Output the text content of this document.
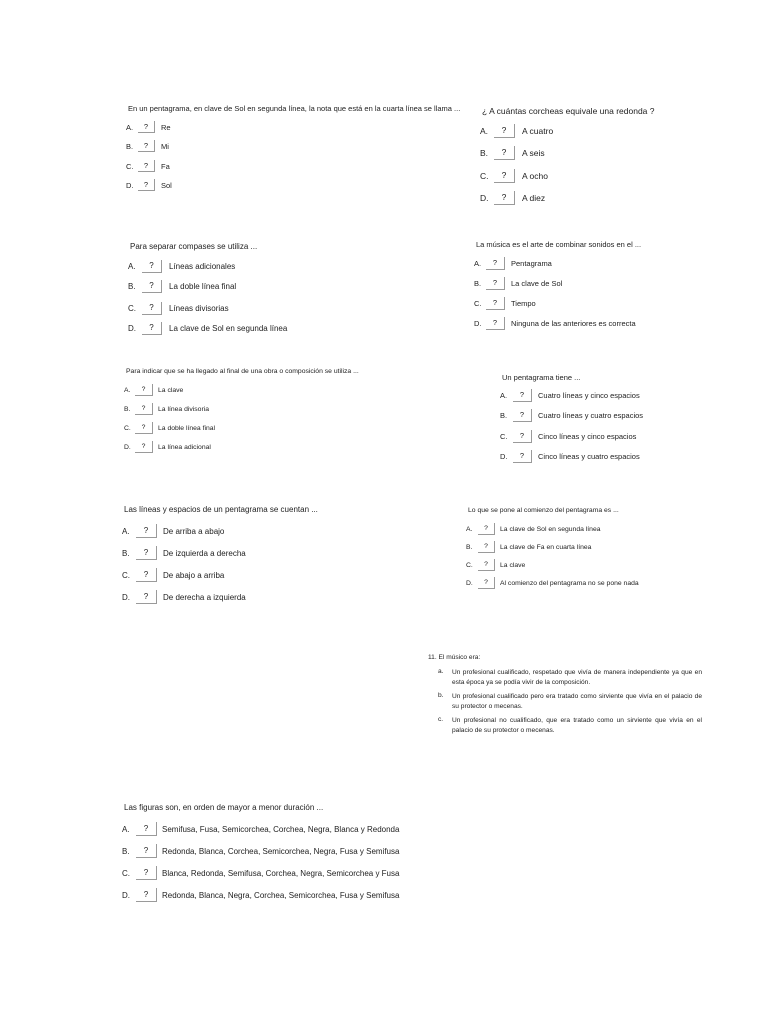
En un pentagrama, en clave de Sol en segunda línea, la nota que está en la cuarta línea se llama ...
A.	?	Re
B.	?	Mi
C.	?	Fa
D.	?	Sol
¿ A cuántas corcheas equivale una redonda ?
A.	?	A cuatro
B.	?	A seis
C.	?	A ocho
D.	?	A diez
Para separar compases se utiliza ...
A.	?	Líneas adicionales
B.	?	La doble línea final
C.	?	Líneas divisorias
D.	?	La clave de Sol en segunda línea
La música es el arte de combinar sonidos en el ...
A.	?	Pentagrama
B.	?	La clave de Sol
C.	?	Tiempo
D.	?	Ninguna de las anteriores es correcta
Para indicar que se ha llegado al final de una obra o composición se utiliza ...
A.	?	La clave
B.	?	La línea divisoria
C.	?	La doble línea final
D.	?	La línea adicional
Un pentagrama tiene ...
A.	?	Cuatro líneas y cinco espacios
B.	?	Cuatro líneas y cuatro espacios
C.	?	Cinco líneas y cinco espacios
D.	?	Cinco líneas y cuatro espacios
Las líneas y espacios de un pentagrama se cuentan ...
A.	?	De arriba a abajo
B.	?	De izquierda a derecha
C.	?	De abajo a arriba
D.	?	De derecha a izquierda
Lo que se pone al comienzo del pentagrama es ...
A.	?	La clave de Sol en segunda línea
B.	?	La clave de Fa en cuarta línea
C.	?	La clave
D.	?	Al comienzo del pentagrama no se pone nada
11. El músico era:
a.	Un profesional cualificado, respetado que vivía de manera independiente ya que en esta época ya se podía vivir de la composición.
b.	Un profesional cualificado pero era tratado como sirviente que vivía en el palacio de su protector o mecenas.
c.	Un profesional no cualificado, que era tratado como un sirviente que vivía en el palacio de su protector o mecenas.
Las figuras son, en orden de mayor a menor duración ...
A.	?	Semifusa, Fusa, Semicorchea, Corchea, Negra, Blanca y Redonda
B.	?	Redonda, Blanca, Corchea, Semicorchea, Negra, Fusa y Semifusa
C.	?	Blanca, Redonda, Semifusa, Corchea, Negra, Semicorchea y Fusa
D.	?	Redonda, Blanca, Negra, Corchea, Semicorchea, Fusa y Semifusa
